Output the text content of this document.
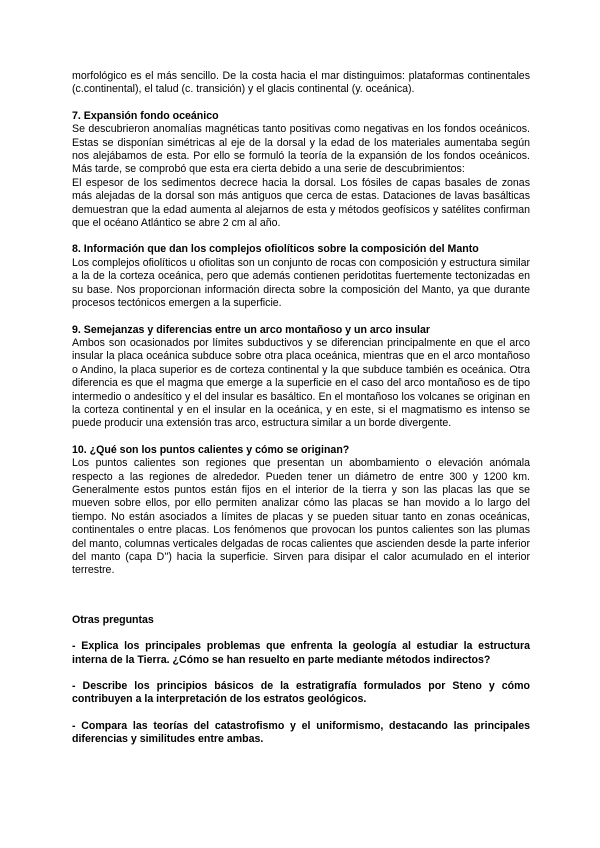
morfológico es el más sencillo. De la costa hacia el mar distinguimos: plataformas continentales (c.continental), el talud (c. transición) y el glacis continental (y. oceánica).

7. Expansión fondo oceánico

Se descubrieron anomalías magnéticas tanto positivas como negativas en los fondos oceánicos. Estas se disponían simétricas al eje de la dorsal y la edad de los materiales aumentaba según nos alejábamos de esta. Por ello se formuló la teoría de la expansión de los fondos oceánicos. Más tarde, se comprobó que esta era cierta debido a una serie de descubrimientos:

El espesor de los sedimentos decrece hacia la dorsal. Los fósiles de capas basales de zonas más alejadas de la dorsal son más antiguos que cerca de estas. Dataciones de lavas basálticas demuestran que la edad aumenta al alejarnos de esta y métodos geofísicos y satélites confirman que el océano Atlántico se abre 2 cm al año.

8. Información que dan los complejos ofiolíticos sobre la composición del Manto

Los complejos ofiolíticos u ofiolitas son un conjunto de rocas con composición y estructura similar a la de la corteza oceánica, pero que además contienen peridotitas fuertemente tectonizadas en su base. Nos proporcionan información directa sobre la composición del Manto, ya que durante procesos tectónicos emergen a la superficie.

9. Semejanzas y diferencias entre un arco montañoso y un arco insular

Ambos son ocasionados por límites subductivos y se diferencian principalmente en que el arco insular la placa oceánica subduce sobre otra placa oceánica, mientras que en el arco montañoso o Andino, la placa superior es de corteza continental y la que subduce también es oceánica. Otra diferencia es que el magma que emerge a la superficie en el caso del arco montañoso es de tipo intermedio o andesítico y el del insular es basáltico. En el montañoso los volcanes se originan en la corteza continental y en el insular en la oceánica, y en este, si el magmatismo es intenso se puede producir una extensión tras arco, estructura similar a un borde divergente.

10. ¿Qué son los puntos calientes y cómo se originan?

Los puntos calientes son regiones que presentan un abombamiento o elevación anómala respecto a las regiones de alrededor. Pueden tener un diámetro de entre 300 y 1200 km. Generalmente estos puntos están fijos en el interior de la tierra y son las placas las que se mueven sobre ellos, por ello permiten analizar cómo las placas se han movido a lo largo del tiempo. No están asociados a límites de placas y se pueden situar tanto en zonas oceánicas, continentales o entre placas. Los fenómenos que provocan los puntos calientes son las plumas del manto, columnas verticales delgadas de rocas calientes que ascienden desde la parte inferior del manto (capa D'') hacia la superficie. Sirven para disipar el calor acumulado en el interior terrestre.

Otras preguntas

- Explica los principales problemas que enfrenta la geología al estudiar la estructura interna de la Tierra. ¿Cómo se han resuelto en parte mediante métodos indirectos?

- Describe los principios básicos de la estratigrafía formulados por Steno y cómo contribuyen a la interpretación de los estratos geológicos.

- Compara las teorías del catastrofismo y el uniformismo, destacando las principales diferencias y similitudes entre ambas.
